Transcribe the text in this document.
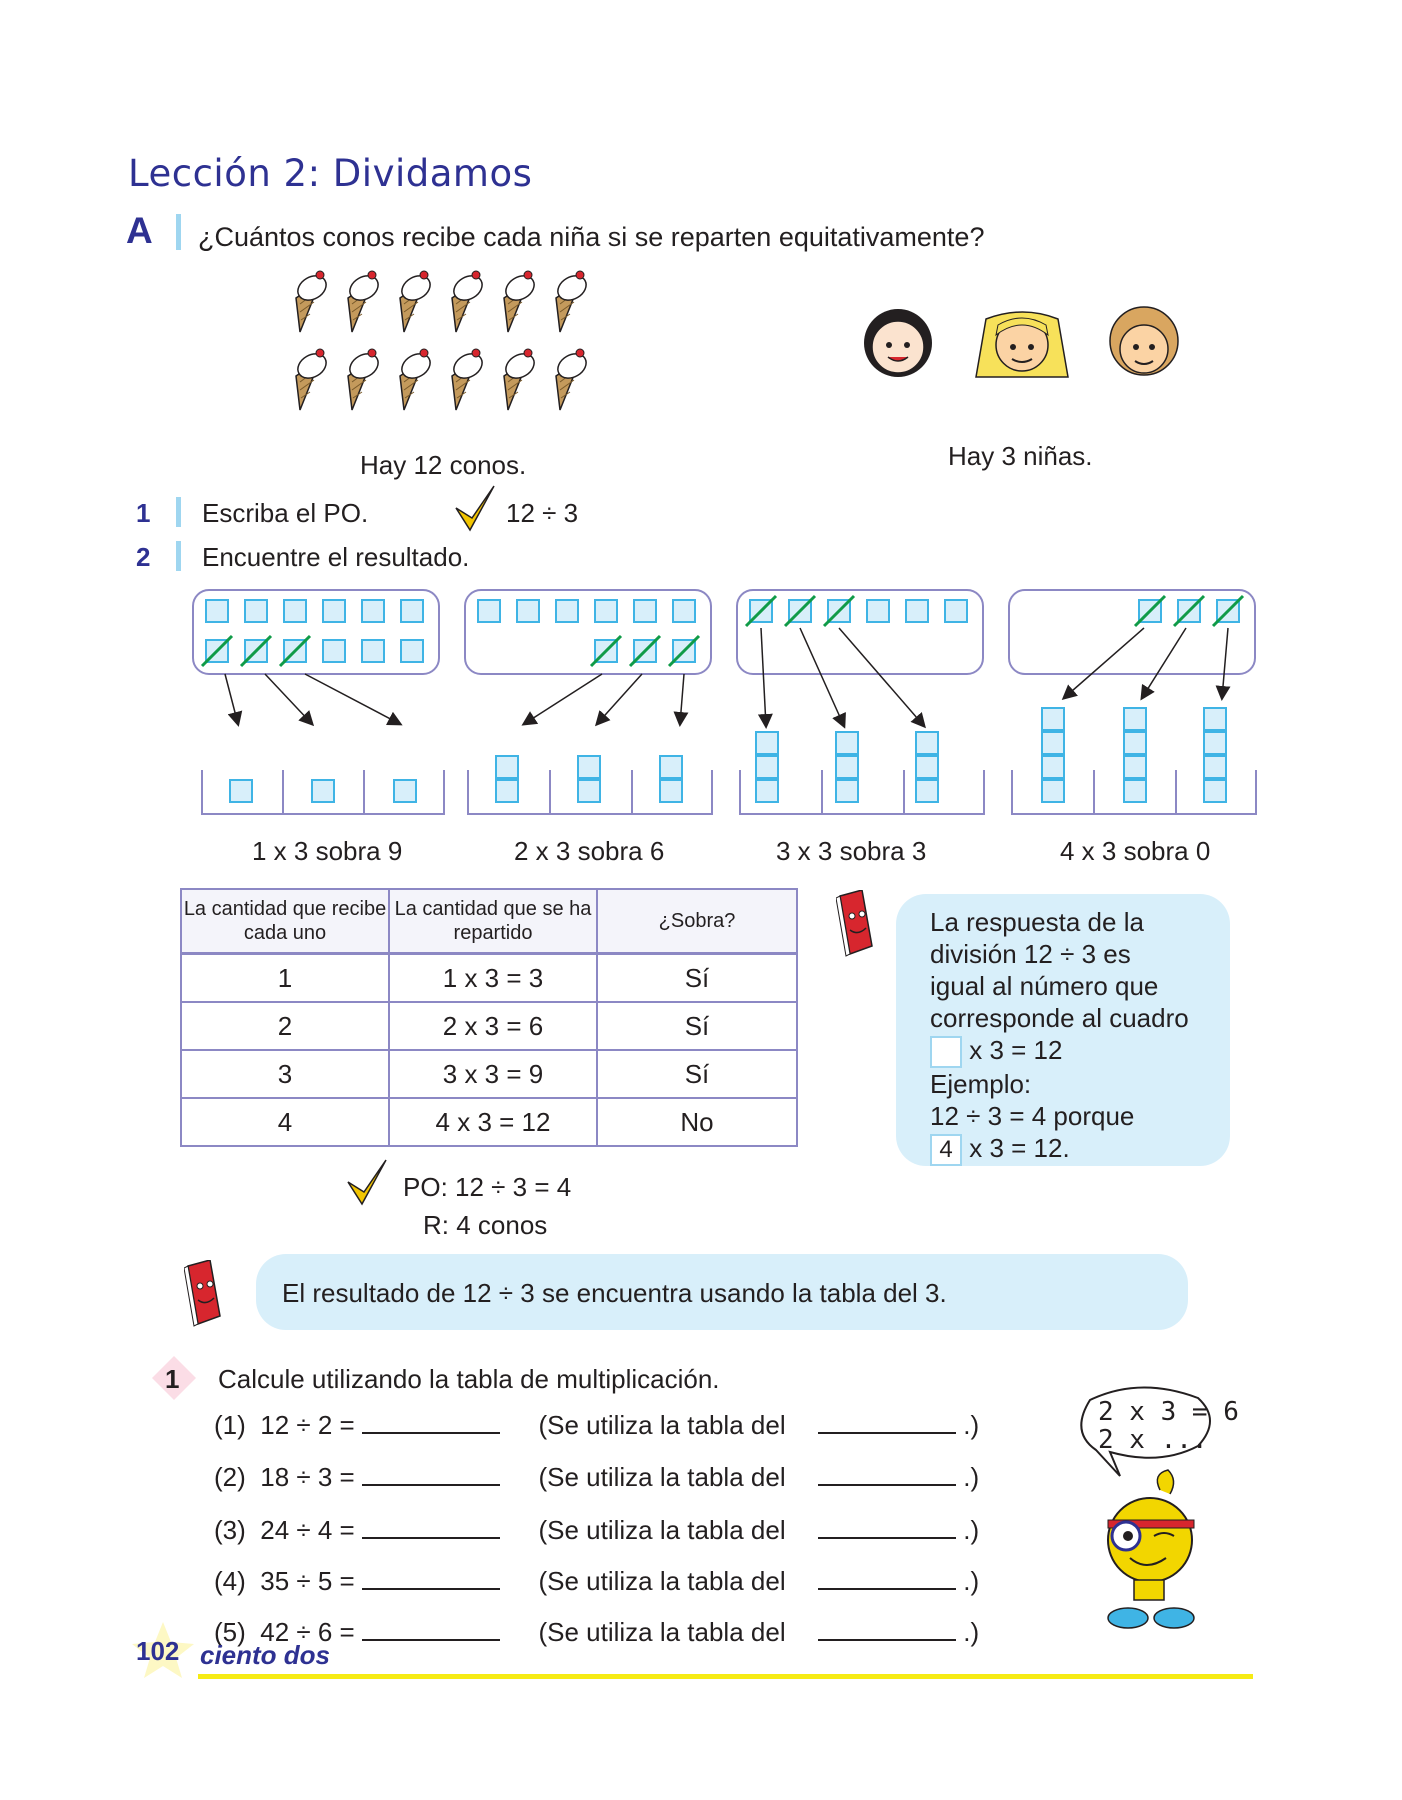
Lección 2: Dividamos
A ¿Cuántos conos recibe cada niña si se reparten equitativamente?
Hay 12 conos.	Hay 3 niñas.
1 Escriba el PO.	12 ÷ 3
2 Encuentre el resultado.
1 x 3 sobra 9	2 x 3 sobra 6	3 x 3 sobra 3	4 x 3 sobra 0
La cantidad que recibe cada uno	La cantidad que se ha repartido	¿Sobra?
1	1 x 3 = 3	Sí
2	2 x 3 = 6	Sí
3	3 x 3 = 9	Sí
4	4 x 3 = 12	No
La respuesta de la
división 12 ÷ 3 es
igual al número que
corresponde al cuadro
x 3 = 12
Ejemplo:
12 ÷ 3 = 4 porque
4 x 3 = 12.
PO: 12 ÷ 3 = 4
R: 4 conos
El resultado de 12 ÷ 3 se encuentra usando la tabla del 3.
1 Calcule utilizando la tabla de multiplicación.
(1) 12 ÷ 2 =	(Se utiliza la tabla del	.)
(2) 18 ÷ 3 =	(Se utiliza la tabla del	.)
(3) 24 ÷ 4 =	(Se utiliza la tabla del	.)
(4) 35 ÷ 5 =	(Se utiliza la tabla del	.)
(5) 42 ÷ 6 =	(Se utiliza la tabla del	.)
2 x 3 = 6
2 x ...
102 ciento dos
